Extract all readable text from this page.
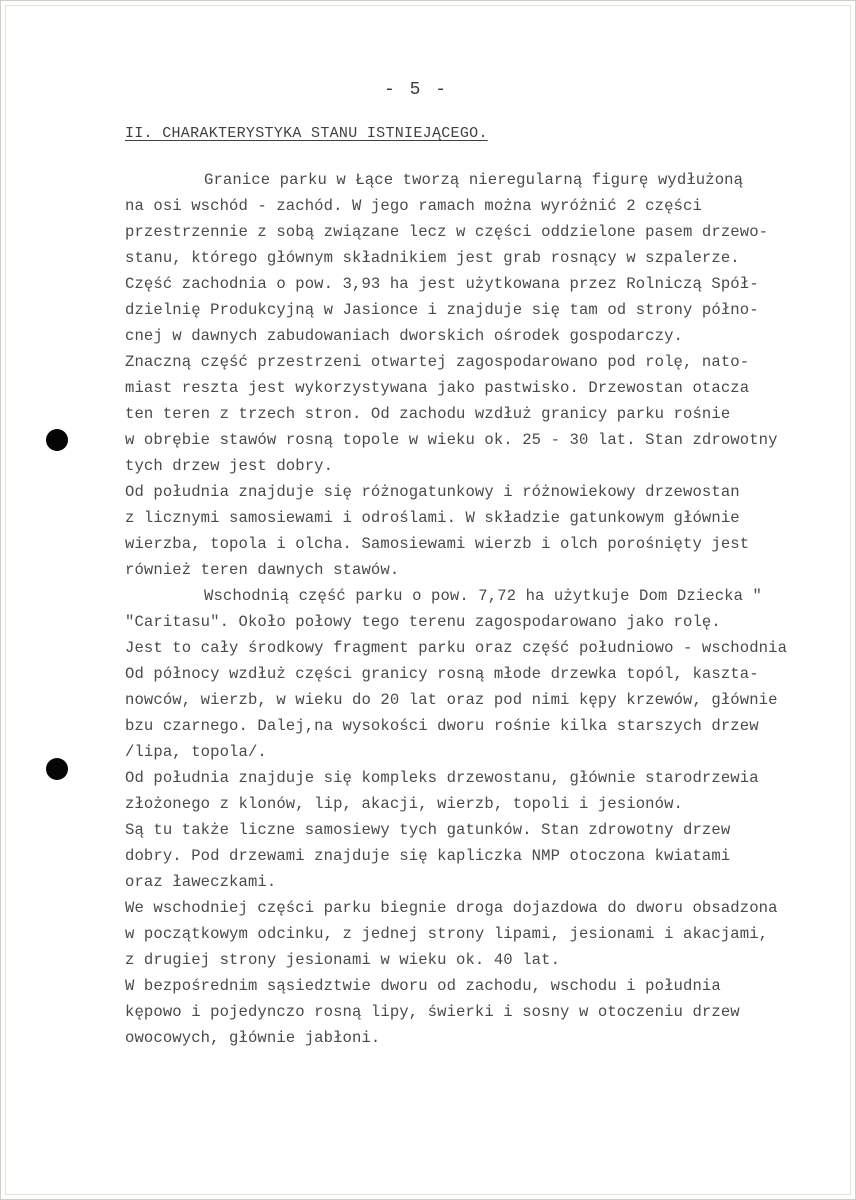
- 5 -
II. CHARAKTERYSTYKA STANU ISTNIEJĄCEGO.
Granice parku w Łące tworzą nieregularną figurę wydłużoną
na osi wschód - zachód. W jego ramach można wyróżnić 2 części
przestrzennie z sobą związane lecz w części oddzielone pasem drzewo-
stanu, którego głównym składnikiem jest grab rosnący w szpalerze.
Część zachodnia o pow. 3,93 ha jest użytkowana przez Rolniczą Spół-
dzielnię Produkcyjną w Jasionce i znajduje się tam od strony półno-
cnej w dawnych zabudowaniach dworskich ośrodek gospodarczy.
Znaczną część przestrzeni otwartej zagospodarowano pod rolę, nato-
miast reszta jest wykorzystywana jako pastwisko. Drzewostan otacza
ten teren z trzech stron. Od zachodu wzdłuż granicy parku rośnie
w obrębie stawów rosną topole w wieku ok. 25 - 30 lat. Stan zdrowotny
tych drzew jest dobry.
Od południa znajduje się różnogatunkowy i różnowiekowy drzewostan
z licznymi samosiewami i odroślami. W składzie gatunkowym głównie
wierzba, topola i olcha. Samosiewami wierzb i olch porośnięty jest
również teren dawnych stawów.
Wschodnią część parku o pow. 7,72 ha użytkuje Dom Dziecka "
"Caritasu". Około połowy tego terenu zagospodarowano jako rolę.
Jest to cały środkowy fragment parku oraz część południowo - wschodnia
Od północy wzdłuż części granicy rosną młode drzewka topól, kaszta-
nowców, wierzb, w wieku do 20 lat oraz pod nimi kępy krzewów, głównie
bzu czarnego. Dalej,na wysokości dworu rośnie kilka starszych drzew
/lipa, topola/.
Od południa znajduje się kompleks drzewostanu, głównie starodrzewia
złożonego z klonów, lip, akacji, wierzb, topoli i jesionów.
Są tu także liczne samosiewy tych gatunków. Stan zdrowotny drzew
dobry. Pod drzewami znajduje się kapliczka NMP otoczona kwiatami
oraz ławeczkami.
We wschodniej części parku biegnie droga dojazdowa do dworu obsadzona
w początkowym odcinku, z jednej strony lipami, jesionami i akacjami,
z drugiej strony jesionami w wieku ok. 40 lat.
W bezpośrednim sąsiedztwie dworu od zachodu, wschodu i południa
kępowo i pojedynczo rosną lipy, świerki i sosny w otoczeniu drzew
owocowych, głównie jabłoni.
